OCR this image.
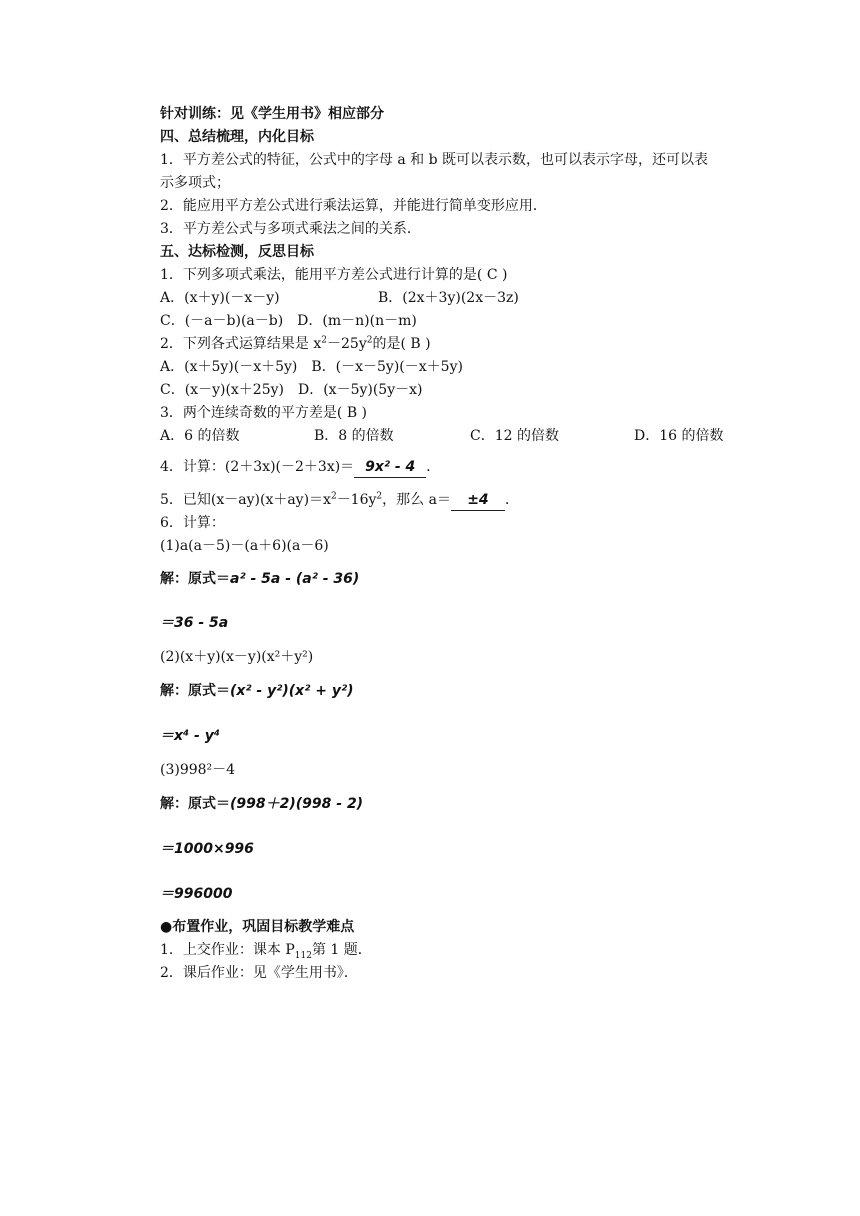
针对训练：见《学生用书》相应部分
四、总结梳理，内化目标
1．平方差公式的特征，公式中的字母 a 和 b 既可以表示数，也可以表示字母，还可以表
示多项式；
2．能应用平方差公式进行乘法运算，并能进行简单变形应用．
3．平方差公式与多项式乘法之间的关系．
五、达标检测，反思目标
1．下列多项式乘法，能用平方差公式进行计算的是( C )
A．(x＋y)(－x－y)	B．(2x＋3y)(2x－3z)
C．(－a－b)(a－b)　D．(m－n)(n－m)
2．下列各式运算结果是 $x^2-25y^2$的是( B )
A．(x＋5y)(－x＋5y)　B．(－x－5y)(－x＋5y)
C．(x－y)(x＋25y)　D．(x－5y)(5y－x)
3．两个连续奇数的平方差是( B )
A．6 的倍数	B．8 的倍数	C．12 的倍数	D．16 的倍数
4．计算：(2＋3x)(－2＋3x)＝ 9x² - 4 ．
5．已知$(x-ay)(x+ay)=x^2-16y^2$，那么 a＝ ±4 ．
6．计算：
(1)a(a－5)－(a＋6)(a－6)
解：原式＝a² - 5a - (a² - 36)
＝36 - 5a
(2)(x＋y)(x－y)(x²＋y²)
解：原式＝(x² - y²)(x² + y²)
＝x⁴ - y⁴
(3)998²－4
解：原式＝(998＋2)(998 - 2)
＝1000×996
＝996000
●布置作业，巩固目标教学难点
1．上交作业：课本 $P_{112}$第 1 题．
2．课后作业：见《学生用书》．
